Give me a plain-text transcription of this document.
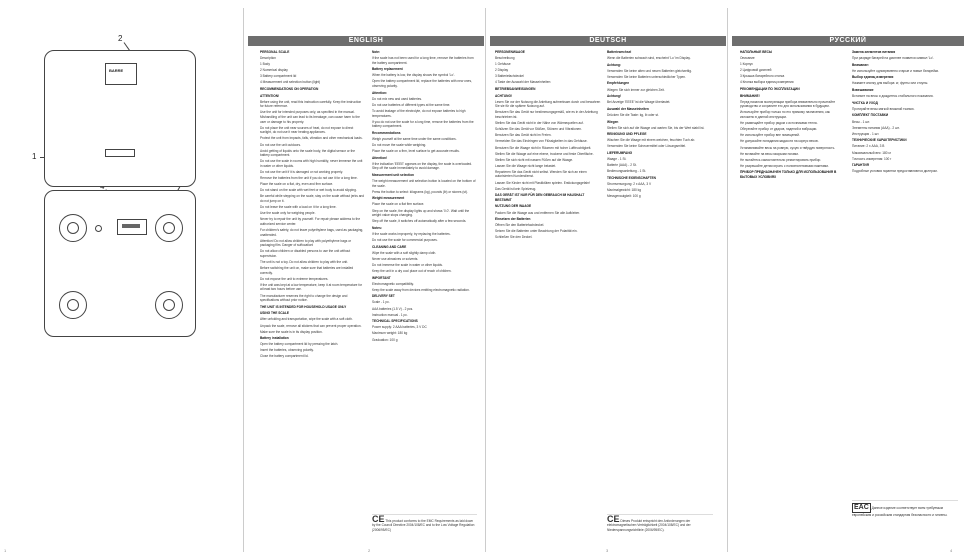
2
1
BARRE
1
ENGLISH

PERSONAL SCALE

Description

1 Body

2 Numerical display

3 Battery compartment lid

4 Measurement unit selection button (light)

RECOMMENDATIONS ON OPERATION

ATTENTION!

Before using the unit, read this instruction carefully. Keep the instruction for future reference.

Use the unit for intended purposes only, as specified in the manual. Mishandling of the unit can lead to its breakage, can cause harm to the user or damage to his property.

Do not place the unit near sources of heat, do not expose to direct sunlight, do not use it near heating appliances.

Protect the unit from impacts, falls, vibration and other mechanical loads.

Do not use the unit outdoors.

Avoid getting of liquids onto the scale body, the digital sensor or the battery compartment.

Do not use the scale in rooms with high humidity, never immerse the unit in water or other liquids.

Do not use the unit if it is damaged or not working properly.

Remove the batteries from the unit if you do not use it for a long time.

Place the scale on a flat, dry, even and firm surface.

Do not stand on the scale with wet feet or wet body to avoid slipping.

Be careful while stepping on the scale, stay on the scale without jerks and do not jump on it.

Do not leave the scale with a load on it for a long time.

Use the scale only for weighing people.

Never try to repair the unit by yourself. For repair please address to the authorized service center.

For children's safety, do not leave polyethylene bags, used as packaging, unattended.

Attention! Do not allow children to play with polyethylene bags or packaging film. Danger of suffocation!

Do not allow children or disabled persons to use the unit without supervision.

The unit is not a toy. Do not allow children to play with the unit.

Before switching the unit on, make sure that batteries are installed correctly.

Do not expose the unit to extreme temperatures.

If the unit was kept at a low temperature, keep it at room temperature for at least two hours before use.

The manufacturer reserves the right to change the design and specifications without prior notice.

THE UNIT IS INTENDED FOR HOUSEHOLD USAGE ONLY

USING THE SCALE

After unfolding and transportation, wipe the scale with a soft cloth.

Unpack the scale, remove all stickers that can prevent proper operation.

Make sure the scale is in its display position.

Battery installation

Open the battery compartment lid by pressing the latch.

Insert the batteries, observing polarity.

Close the battery compartment lid.

Note:

If the scale has not been used for a long time, remove the batteries from the battery compartment.

Battery replacement

When the battery is low, the display shows the symbol 'Lo'.

Open the battery compartment lid, replace the batteries with new ones, observing polarity.

Attention:

Do not mix new and used batteries.

Do not use batteries of different types at the same time.

To avoid leakage of the electrolyte, do not expose batteries to high temperatures.

If you do not use the scale for a long time, remove the batteries from the battery compartment.

Recommendations

Weigh yourself at the same time under the same conditions.

Do not move the scale while weighing.

Place the scale on a firm, level surface to get accurate results.

Attention!

If the indication 'EEEE' appears on the display, the scale is overloaded. Step off the scale immediately to avoid damage.

Measurement unit selection

The weight measurement unit selection button is located on the bottom of the scale.

Press the button to select: kilograms (kg), pounds (lb) or stones (st).

Weight measurement

Place the scale on a flat firm surface.

Step on the scale, the display lights up and shows '0.0'. Wait until the weight value stops changing.

Step off the scale, it switches off automatically after a few seconds.

Notes:

If the scale works improperly, try replacing the batteries.

Do not use the scale for commercial purposes.

CLEANING AND CARE

Wipe the scale with a soft slightly damp cloth.

Never use abrasives or solvents.

Do not immerse the scale in water or other liquids.

Keep the unit in a dry cool place out of reach of children.

IMPORTANT

Electromagnetic compatibility.

Keep the scale away from devices emitting electromagnetic radiation.

DELIVERY SET

Scale - 1 pc.

AAA batteries (1.5 V) - 2 pcs.

Instruction manual - 1 pc.

TECHNICAL SPECIFICATIONS

Power supply: 2 AAA batteries, 3 V DC

Maximum weight: 180 kg

Graduation: 100 g

CE This product conforms to the EMC Requirements as laid down by the Council Directive 2004/108/EC and to the Low Voltage Regulation (2006/95/EC)
2
DEUTSCH

PERSONENWAAGE

Beschreibung

1 Gehäuse

2 Display

3 Batteriefachdeckel

4 Taste der Auswahl der Masseinheiten

BETRIEBSANWEISUNGEN

ACHTUNG!

Lesen Sie vor der Nutzung die Anleitung aufmerksam durch und bewahren Sie sie für die spätere Nutzung auf.

Benutzen Sie das Gerät nur bestimmungsgemäß, wie es in der Anleitung beschrieben ist.

Stellen Sie das Gerät nicht in der Nähe von Wärmequellen auf.

Schützen Sie das Gerät vor Stößen, Stürzen und Vibrationen.

Benutzen Sie das Gerät nicht im Freien.

Vermeiden Sie das Eindringen von Flüssigkeiten in das Gehäuse.

Benutzen Sie die Waage nicht in Räumen mit hoher Luftfeuchtigkeit.

Stellen Sie die Waage auf eine ebene, trockene und feste Oberfläche.

Stellen Sie sich nicht mit nassen Füßen auf die Waage.

Lassen Sie die Waage nicht lange belastet.

Reparieren Sie das Gerät nicht selbst. Wenden Sie sich an einen autorisierten Kundendienst.

Lassen Sie Kinder nicht mit Plastiktüten spielen. Erstickungsgefahr!

Das Gerät ist kein Spielzeug.

DAS GERÄT IST NUR FÜR DEN GEBRAUCH IM HAUSHALT BESTIMMT

NUTZUNG DER WAAGE

Packen Sie die Waage aus und entfernen Sie alle Aufkleber.

Einsetzen der Batterien

Öffnen Sie den Batteriefachdeckel.

Setzen Sie die Batterien unter Beachtung der Polarität ein.

Schließen Sie den Deckel.

Batteriewechsel

Wenn die Batterien schwach sind, erscheint 'Lo' im Display.

Achtung:

Verwenden Sie keine alten und neuen Batterien gleichzeitig.

Verwenden Sie keine Batterien unterschiedlicher Typen.

Empfehlungen

Wiegen Sie sich immer zur gleichen Zeit.

Achtung!

Bei Anzeige 'EEEE' ist die Waage überlastet.

Auswahl der Masseinheiten

Drücken Sie die Taste: kg, lb oder st.

Wiegen

Stellen Sie sich auf die Waage und warten Sie, bis der Wert stabil ist.

REINIGUNG UND PFLEGE

Wischen Sie die Waage mit einem weichen, feuchten Tuch ab.

Verwenden Sie keine Scheuermittel oder Lösungsmittel.

LIEFERUMFANG

Waage - 1 St.

Batterie (AAA) - 2 St.

Bedienungsanleitung - 1 St.

TECHNISCHE EIGENSCHAFTEN

Stromversorgung: 2 x AAA, 3 V

Maximalgewicht: 180 kg

Messgenauigkeit: 100 g

CE Dieses Produkt entspricht den Anforderungen der elektromagnetischen Verträglichkeit (2004/108/EC) und der Niederspannungsrichtlinie (2006/95/EC).
3
РУССКИЙ

НАПОЛЬНЫЕ ВЕСЫ

Описание

1 Корпус

2 Цифровой дисплей

3 Крышка батарейного отсека

4 Кнопка выбора единиц измерения

РЕКОМЕНДАЦИИ ПО ЭКСПЛУАТАЦИИ

ВНИМАНИЕ!

Перед началом эксплуатации прибора внимательно прочитайте руководство и сохраните его для использования в будущем.

Используйте прибор только по его прямому назначению, как изложено в данной инструкции.

Не размещайте прибор рядом с источниками тепла.

Оберегайте прибор от ударов, падений и вибрации.

Не используйте прибор вне помещений.

Не допускайте попадания жидкости на корпус весов.

Устанавливайте весы на ровную, сухую и твёрдую поверхность.

Не вставайте на весы мокрыми ногами.

Не пытайтесь самостоятельно ремонтировать прибор.

Не разрешайте детям играть с полиэтиленовыми пакетами.

ПРИБОР ПРЕДНАЗНАЧЕН ТОЛЬКО ДЛЯ ИСПОЛЬЗОВАНИЯ В БЫТОВЫХ УСЛОВИЯХ

Замена элементов питания

При разряде батарей на дисплее появится символ 'Lo'.

Внимание:

Не используйте одновременно старые и новые батарейки.

Выбор единиц измерения

Нажмите кнопку для выбора: кг, фунты или стоуны.

Взвешивание

Встаньте на весы и дождитесь стабильного показания.

ЧИСТКА И УХОД

Протирайте весы мягкой влажной тканью.

КОМПЛЕКТ ПОСТАВКИ

Весы - 1 шт.

Элементы питания (ААА) - 2 шт.

Инструкция - 1 шт.

ТЕХНИЧЕСКИЕ ХАРАКТЕРИСТИКИ

Питание: 2 х ААА, 3 В

Максимальный вес: 180 кг

Точность измерения: 100 г

ГАРАНТИЯ

Подробные условия гарантии предоставляются дилером.

EAC Данное изделие соответствует всем требуемым европейским и российским стандартам безопасности и гигиены.
4
